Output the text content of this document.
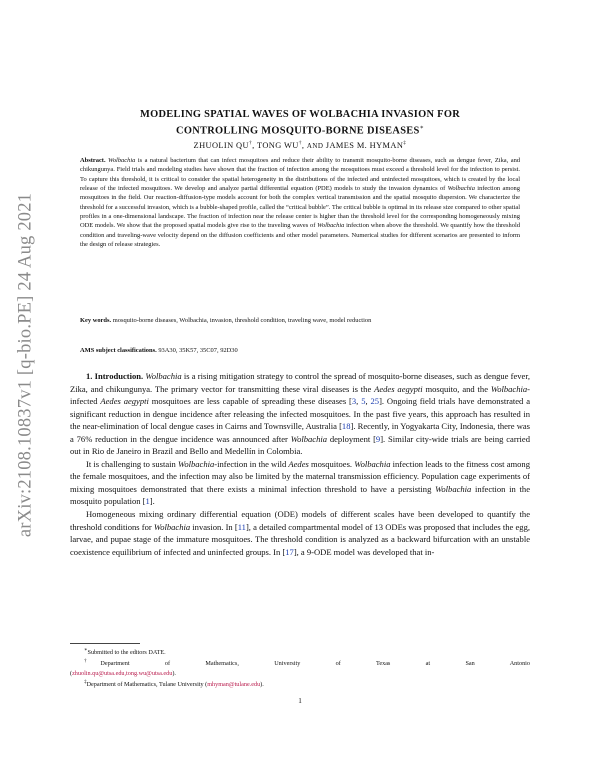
arXiv:2108.10837v1 [q-bio.PE] 24 Aug 2021
MODELING SPATIAL WAVES OF WOLBACHIA INVASION FOR
CONTROLLING MOSQUITO-BORNE DISEASES∗
ZHUOLIN QU†, TONG WU†, AND JAMES M. HYMAN‡
Abstract. Wolbachia is a natural bacterium that can infect mosquitoes and reduce their ability to transmit mosquito-borne diseases, such as dengue fever, Zika, and chikungunya. Field trials and modeling studies have shown that the fraction of infection among the mosquitoes must exceed a threshold level for the infection to persist. To capture this threshold, it is critical to consider the spatial heterogeneity in the distributions of the infected and uninfected mosquitoes, which is created by the local release of the infected mosquitoes. We develop and analyze partial differential equation (PDE) models to study the invasion dynamics of Wolbachia infection among mosquitoes in the field. Our reaction-diffusion-type models account for both the complex vertical transmission and the spatial mosquito dispersion. We characterize the threshold for a successful invasion, which is a bubble-shaped profile, called the “critical bubble”. The critical bubble is optimal in its release size compared to other spatial profiles in a one-dimensional landscape. The fraction of infection near the release center is higher than the threshold level for the corresponding homogeneously mixing ODE models. We show that the proposed spatial models give rise to the traveling waves of Wolbachia infection when above the threshold. We quantify how the threshold condition and traveling-wave velocity depend on the diffusion coefficients and other model parameters. Numerical studies for different scenarios are presented to inform the design of release strategies.
Key words. mosquito-borne diseases, Wolbachia, invasion, threshold condition, traveling wave, model reduction
AMS subject classifications. 93A30, 35K57, 35C07, 92D30

1. Introduction. Wolbachia is a rising mitigation strategy to control the spread of mosquito-borne diseases, such as dengue fever, Zika, and chikungunya. The primary vector for transmitting these viral diseases is the Aedes aegypti mosquito, and the Wolbachia-infected Aedes aegypti mosquitoes are less capable of spreading these diseases [3, 5, 25]. Ongoing field trials have demonstrated a significant reduction in dengue incidence after releasing the infected mosquitoes. In the past five years, this approach has resulted in the near-elimination of local dengue cases in Cairns and Townsville, Australia [18]. Recently, in Yogyakarta City, Indonesia, there was a 76% reduction in the dengue incidence was announced after Wolbachia deployment [9]. Similar city-wide trials are being carried out in Rio de Janeiro in Brazil and Bello and Medellín in Colombia.

It is challenging to sustain Wolbachia-infection in the wild Aedes mosquitoes. Wolbachia infection leads to the fitness cost among the female mosquitoes, and the infection may also be limited by the maternal transmission efficiency. Population cage experiments of mixing mosquitoes demonstrated that there exists a minimal infection threshold to have a persisting Wolbachia infection in the mosquito population [1].

Homogeneous mixing ordinary differential equation (ODE) models of different scales have been developed to quantify the threshold conditions for Wolbachia invasion. In [11], a detailed compartmental model of 13 ODEs was proposed that includes the egg, larvae, and pupae stage of the immature mosquitoes. The threshold condition is analyzed as a backward bifurcation with an unstable coexistence equilibrium of infected and uninfected groups. In [17], a 9-ODE model was developed that in-

∗Submitted to the editors DATE.
†Department of Mathematics, University of Texas at San Antonio
(zhuolin.qu@utsa.edu,tong.wu@utsa.edu).
‡Department of Mathematics, Tulane University (mhyman@tulane.edu).
1
